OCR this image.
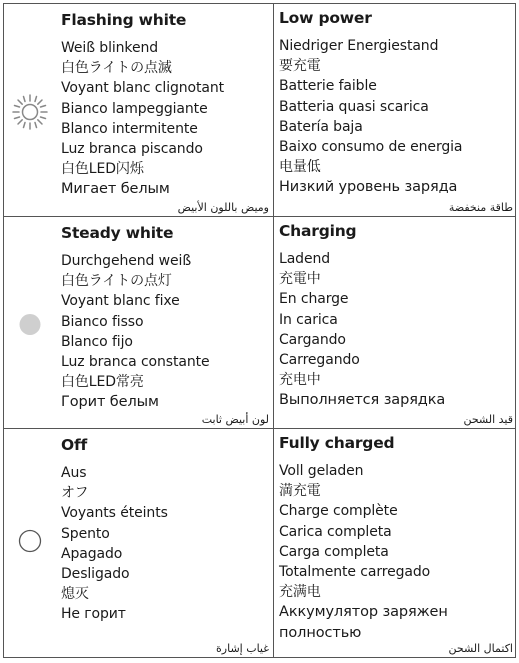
Flashing white
Weiß blinkend
白色ライトの点滅
Voyant blanc clignotant
Bianco lampeggiante
Blanco intermitente
Luz branca piscando
白色LED闪烁
Мигает белым
وميض باللون الأبيض
Low power
Niedriger Energiestand
要充電
Batterie faible
Batteria quasi scarica
Batería baja
Baixo consumo de energia
电量低
Низкий уровень заряда
طاقة منخفضة
Steady white
Durchgehend weiß
白色ライトの点灯
Voyant blanc fixe
Bianco fisso
Blanco fijo
Luz branca constante
白色LED常亮
Горит белым
لون أبيض ثابت
Charging
Ladend
充電中
En charge
In carica
Cargando
Carregando
充电中
Выполняется зарядка
قيد الشحن
Off
Aus
オフ
Voyants éteints
Spento
Apagado
Desligado
熄灭
Не горит
غياب إشارة
Fully charged
Voll geladen
満充電
Charge complète
Carica completa
Carga completa
Totalmente carregado
充满电
Аккумулятор заряжен
полностью
اكتمال الشحن
